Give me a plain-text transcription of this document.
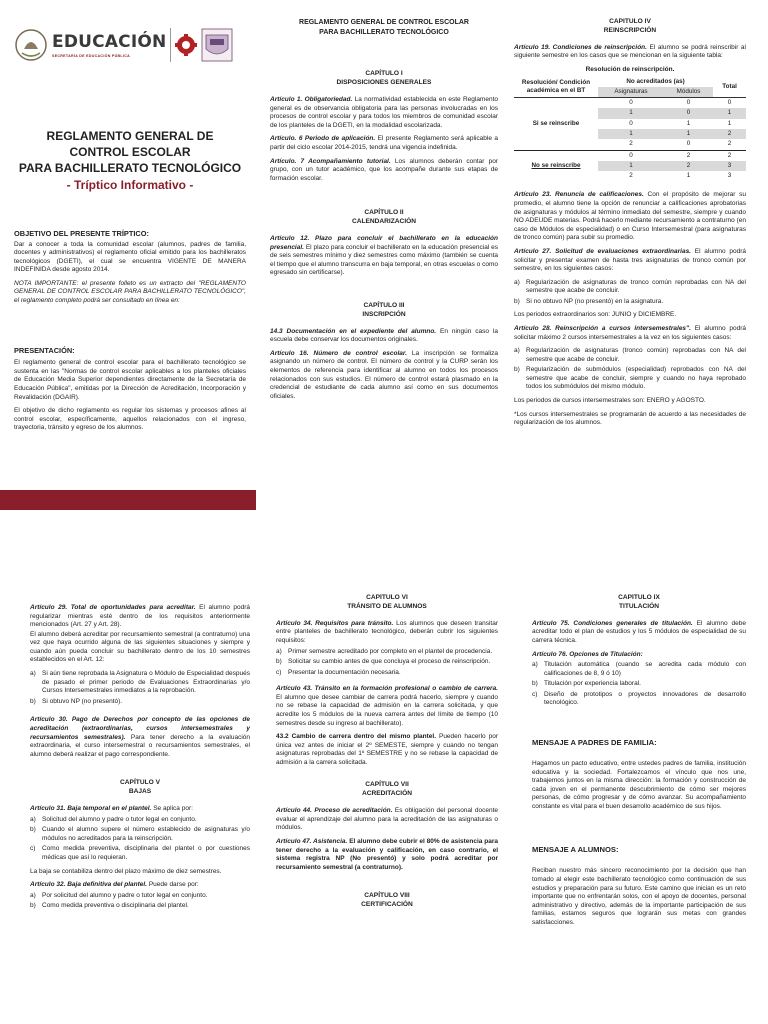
EDUCACIÓN
SECRETARÍA DE EDUCACIÓN PÚBLICA
REGLAMENTO GENERAL DE
CONTROL ESCOLAR
PARA BACHILLERATO TECNOLÓGICO
- Tríptico Informativo -
OBJETIVO DEL PRESENTE TRÍPTICO:

Dar a conocer a toda la comunidad escolar (alumnos, padres de familia, docentes y administrativos) el reglamento oficial emitido para los bachilleratos tecnológicos (DGETI), el cual se encuentra VIGENTE DE MANERA INDEFINIDA desde agosto 2014.

NOTA IMPORTANTE: el presente folleto es un extracto del "REGLAMENTO GENERAL DE CONTROL ESCOLAR PARA BACHILLERATO TECNOLÓGICO", el reglamento completo podrá ser consultado en línea en:

PRESENTACIÓN:

El reglamento general de control escolar para el bachillerato tecnológico se sustenta en las "Normas de control escolar aplicables a los planteles oficiales de Educación Media Superior dependientes directamente de la Secretaría de Educación Pública", emitidas por la Dirección de Acreditación, Incorporación y Revalidación (DGAIR).

El objetivo de dicho reglamento es regular los sistemas y procesos afines al control escolar, específicamente, aquellos relacionados con el ingreso, trayectoria, tránsito y egreso de los alumnos.

REGLAMENTO GENERAL DE CONTROL ESCOLAR
PARA BACHILLERATO TECNOLÓGICO
CAPÍTULO I
DISPOSICIONES GENERALES

Artículo 1. Obligatoriedad. La normatividad establecida en este Reglamento general es de observancia obligatoria para las personas involucradas en los procesos de control escolar y para todos los miembros de comunidad escolar de los planteles de la DGETI, en la modalidad escolarizada.

Artículo. 6 Periodo de aplicación. El presente Reglamento será aplicable a partir del ciclo escolar 2014-2015, tendrá una vigencia indefinida.

Artículo. 7 Acompañamiento tutorial. Los alumnos deberán contar por grupo, con un tutor académico, que los acompañe durante sus etapas de formación escolar.

CAPÍTULO II
CALENDARIZACIÓN

Artículo 12. Plazo para concluir el bachillerato en la educación presencial. El plazo para concluir el bachillerato en la educación presencial es de seis semestres mínimo y diez semestres como máximo (también se cuenta el tiempo que el alumno transcurra en baja temporal, en otras escuelas o como egresado sin certificarse).

CAPÍTULO III
INSCRIPCIÓN

14.3 Documentación en el expediente del alumno. En ningún caso la escuela debe conservar los documentos originales.

Artículo 16. Número de control escolar. La inscripción se formaliza asignando un número de control. El número de control y la CURP serán los elementos de referencia para identificar al alumno en todos los procesos relacionados con sus estudios. El número de control estará plasmado en la credencial de estudiante de cada alumno así como en sus documentos oficiales.

CAPITULO IV
REINSCRIPCIÓN

Artículo 19. Condiciones de reinscripción. El alumno se podrá reinscribir al siguiente semestre en los casos que se mencionan en la siguiente tabla:

Resolución de reinscripción.
Resolución/ Condición académica en el BT	No acreditados (as)		Total
	Asignaturas	Módulos	
Si se reinscribe	0	0	0
	1	0	1
	0	1	1
	1	1	2
	2	0	2
No se reinscribe	0	2	2
	1	2	3
	2	1	3

Artículo 23. Renuncia de calificaciones. Con el propósito de mejorar su promedio, el alumno tiene la opción de renunciar a calificaciones aprobatorias de asignaturas y módulos al término inmediato del semestre, siempre y cuando NO ADEUDE materias. Podrá hacerlo mediante recursamiento a contraturno (en caso de Módulos de especialidad) o en Curso Intersemestral (para asignaturas de tronco común) para subir su promedio.

Artículo 27. Solicitud de evaluaciones extraordinarias. El alumno podrá solicitar y presentar examen de hasta tres asignaturas de tronco común por semestre, en los siguientes casos:

a) Regularización de asignaturas de tronco común reprobadas con NA del semestre que acabe de concluir.
b) Si no obtuvo NP (no presentó) en la asignatura.

Los periodos extraordinarios son: JUNIO y DICIEMBRE.

Artículo 28. Reinscripción a cursos intersemestrales". El alumno podrá solicitar máximo 2 cursos intersemestrales a la vez en los siguientes casos:

a) Regularización de asignaturas (tronco común) reprobadas con NA del semestre que acabe de concluir.
b) Regularización de submódulos (especialidad) reprobados con NA del semestre que acabe de concluir, siempre y cuando no haya reprobado todos los submódulos del mismo módulo.

Los periodos de cursos intersemestrales son: ENERO y AGOSTO.

*Los cursos intersemestrales se programarán de acuerdo a las necesidades de regularización de los alumnos.

Artículo 29. Total de oportunidades para acreditar. El alumno podrá regularizar mientras esté dentro de los requisitos anteriormente mencionados (Art. 27 y Art. 28).

El alumno deberá acreditar por recursamiento semestral (a contraturno) una vez que haya ocurrido alguna de las siguientes situaciones y siempre y cuando aún pueda concluir su bachillerato dentro de los 10 semestres establecidos en el Art. 12:

a) Si aún tiene reprobada la Asignatura o Módulo de Especialidad después de pasado el primer periodo de Evaluaciones Extraordinarias y/o Cursos Intersemestrales inmediatos a la reprobación.
b) Si obtuvo NP (no presentó).

Artículo 30. Pago de Derechos por concepto de las opciones de acreditación (extraordinarias, cursos intersemestrales y recursamientos semestrales). Para tener derecho a la evaluación extraordinaria, el curso intersemestral o recursamientos semestrales, el alumno deberá realizar el pago correspondiente.

CAPÍTULO V
BAJAS

Artículo 31. Baja temporal en el plantel. Se aplica por:

a) Solicitud del alumno y padre o tutor legal en conjunto.
b) Cuando el alumno supere el número establecido de asignaturas y/o módulos no acreditados para la reinscripción.
c)	Como medida preventiva, disciplinaria del plantel o por cuestiones médicas que así lo requieran.

La baja se contabiliza dentro del plazo máximo de diez semestres.

Artículo 32. Baja definitiva del plantel. Puede darse por:

a) Por solicitud del alumno y padre o tutor legal en conjunto.
b) Como medida preventiva o disciplinaria del plantel.
CAPÍTULO VI
TRÁNSITO DE ALUMNOS

Artículo 34. Requisitos para tránsito. Los alumnos que deseen transitar entre planteles de bachillerato tecnológico, deberán cubrir los siguientes requisitos:

a) Primer semestre acreditado por completo en el plantel de procedencia.
b) Solicitar su cambio antes de que concluya el proceso de reinscripción.
c)	Presentar la documentación necesaria.

Artículo 43. Tránsito en la formación profesional o cambio de carrera. El alumno que desee cambiar de carrera podrá hacerlo, siempre y cuando no se rebase la capacidad de admisión en la carrera solicitada, y que acredite los 5 módulos de la nueva carrera antes del límite de tiempo (10 semestres desde su ingreso al bachillerato).

43.2 Cambio de carrera dentro del mismo plantel. Pueden hacerlo por única vez antes de iniciar el 2º SEMESTE, siempre y cuando no tengan asignaturas reprobadas del 1º SEMESTRE y no se rebase la capacidad de admisión a la carrera solicitada.

CAPÍTULO VII
ACREDITACIÓN

Artículo 44. Proceso de acreditación. Es obligación del personal docente evaluar el aprendizaje del alumno para la acreditación de las asignaturas o módulos.

Artículo 47. Asistencia. El alumno debe cubrir el 80% de asistencia para tener derecho a la evaluación y calificación, en caso contrario, el sistema registra NP (No presentó) y solo podrá acreditar por recursamiento semestral (a contraturno).

CAPÍTULO VIII
CERTIFICACIÓN
CAPÍTULO IX
TITULACIÓN

Artículo 75. Condiciones generales de titulación. El alumno debe acreditar todo el plan de estudios y los 5 módulos de especialidad de su carrera técnica.

Artículo 76. Opciones de Titulación:

a) Titulación automática (cuando se acredita cada módulo con calificaciones de 8, 9 ó 10)
b) Titulación por experiencia laboral.
c)	Diseño de prototipos o proyectos innovadores de desarrollo tecnológico.
MENSAJE A PADRES DE FAMILIA:

Hagamos un pacto educativo, entre ustedes padres de familia, institución educativa y la sociedad. Fortalezcamos el vínculo que nos une, trabajemos juntos en la misma dirección: la formación y construcción de cada joven en el permanente descubrimiento de cómo ser mejores personas, de cómo progresar y de cómo avanzar. Su acompañamiento constante es vital para el buen desarrollo académico de sus hijos.

MENSAJE A ALUMNOS:

Reciban nuestro más sincero reconocimiento por la decisión que han tomado al elegir este bachillerato tecnológico como continuación de sus estudios y preparación para su futuro. Este camino que inician es un reto importante que no enfrentarán solos, con el apoyo de docentes, personal administrativo y directivo, además de la importante participación de sus familias, estamos seguros que lograrán sus metas con grandes satisfacciones.
